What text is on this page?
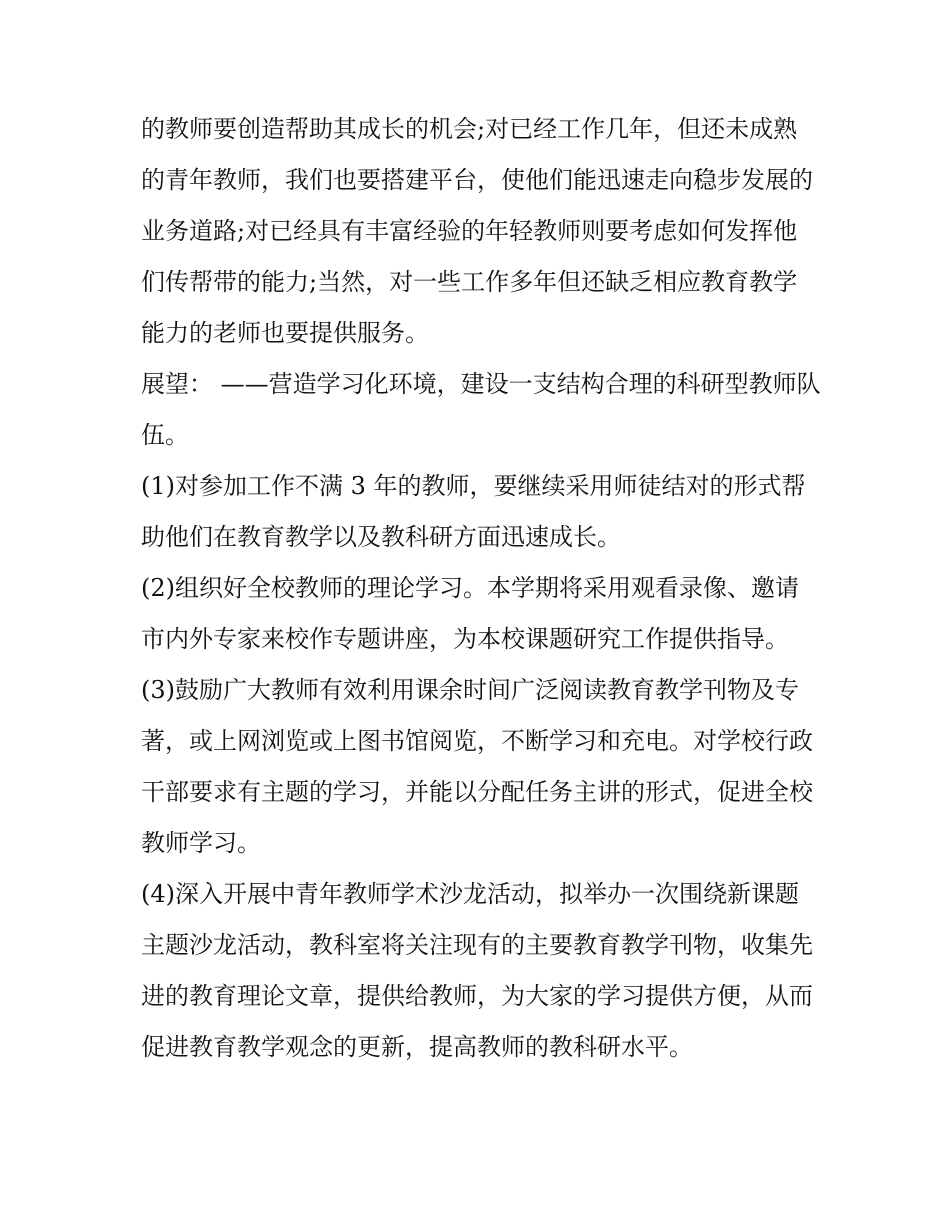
的教师要创造帮助其成长的机会;对已经工作几年，但还未成熟的青年教师，我们也要搭建平台，使他们能迅速走向稳步发展的业务道路;对已经具有丰富经验的年轻教师则要考虑如何发挥他们传帮带的能力;当然，对一些工作多年但还缺乏相应教育教学能力的老师也要提供服务。

展望： ——营造学习化环境，建设一支结构合理的科研型教师队伍。

(1)对参加工作不满 3 年的教师，要继续采用师徒结对的形式帮助他们在教育教学以及教科研方面迅速成长。

(2)组织好全校教师的理论学习。本学期将采用观看录像、邀请市内外专家来校作专题讲座，为本校课题研究工作提供指导。

(3)鼓励广大教师有效利用课余时间广泛阅读教育教学刊物及专著，或上网浏览或上图书馆阅览，不断学习和充电。对学校行政干部要求有主题的学习，并能以分配任务主讲的形式，促进全校教师学习。

(4)深入开展中青年教师学术沙龙活动，拟举办一次围绕新课题主题沙龙活动，教科室将关注现有的主要教育教学刊物，收集先进的教育理论文章，提供给教师，为大家的学习提供方便，从而促进教育教学观念的更新，提高教师的教科研水平。
